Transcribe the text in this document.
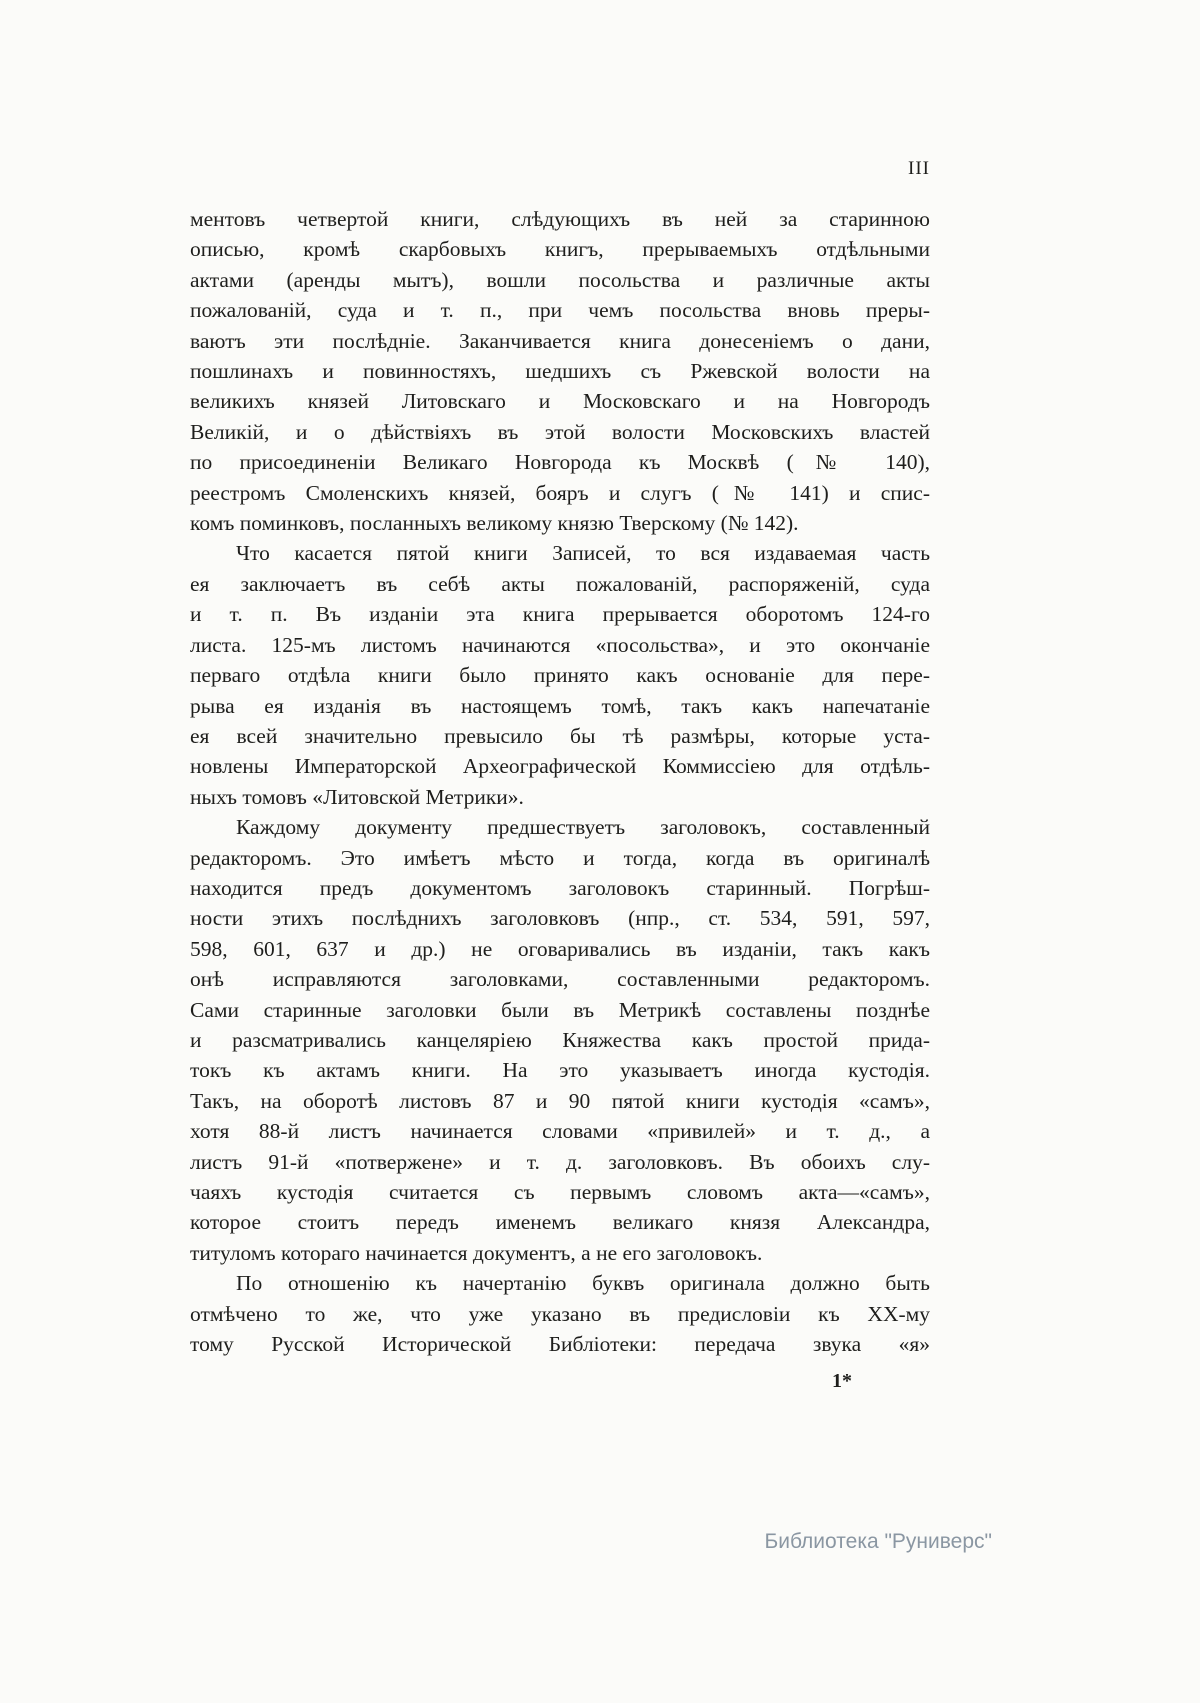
III
ментовъ четвертой книги, слѣдующихъ въ ней за старинною
описью, кромѣ скарбовыхъ книгъ, прерываемыхъ отдѣльными
актами (аренды мытъ), вошли посольства и различные акты
пожалованій, суда и т. п., при чемъ посольства вновь преры-
ваютъ эти послѣдніе. Заканчивается книга донесеніемъ о дани,
пошлинахъ и повинностяхъ, шедшихъ съ Ржевской волости на
великихъ князей Литовскаго и Московскаго и на Новгородъ
Великій, и о дѣйствіяхъ въ этой волости Московскихъ властей
по присоединеніи Великаго Новгорода къ Москвѣ (№ 140),
реестромъ Смоленскихъ князей, бояръ и слугъ (№ 141) и спис-
комъ поминковъ, посланныхъ великому князю Тверскому (№ 142).
Что касается пятой книги Записей, то вся издаваемая часть
ея заключаетъ въ себѣ акты пожалованій, распоряженій, суда
и т. п. Въ изданіи эта книга прерывается оборотомъ 124-го
листа. 125-мъ листомъ начинаются «посольства», и это окончаніе
перваго отдѣла книги было принято какъ основаніе для пере-
рыва ея изданія въ настоящемъ томѣ, такъ какъ напечатаніе
ея всей значительно превысило бы тѣ размѣры, которые уста-
новлены Императорской Археографической Коммиссіею для отдѣль-
ныхъ томовъ «Литовской Метрики».
Каждому документу предшествуетъ заголовокъ, составленный
редакторомъ. Это имѣетъ мѣсто и тогда, когда въ оригиналѣ
находится предъ документомъ заголовокъ старинный. Погрѣш-
ности этихъ послѣднихъ заголовковъ (нпр., ст. 534, 591, 597,
598, 601, 637 и др.) не оговаривались въ изданіи, такъ какъ
онѣ исправляются заголовками, составленными редакторомъ.
Сами старинные заголовки были въ Метрикѣ составлены позднѣе
и разсматривались канцеляріею Княжества какъ простой прида-
токъ къ актамъ книги. На это указываетъ иногда кустодія.
Такъ, на оборотѣ листовъ 87 и 90 пятой книги кустодія «самъ»,
хотя 88-й листъ начинается словами «привилей» и т. д., а
листъ 91-й «потвержене» и т. д. заголовковъ. Въ обоихъ слу-
чаяхъ кустодія считается съ первымъ словомъ акта—«самъ»,
которое стоитъ передъ именемъ великаго князя Александра,
титуломъ котораго начинается документъ, а не его заголовокъ.
По отношенію къ начертанію буквъ оригинала должно быть
отмѣчено то же, что уже указано въ предисловіи къ XX-му
тому Русской Исторической Библіотеки: передача звука «я»
1*
Библиотека "Руниверс"
